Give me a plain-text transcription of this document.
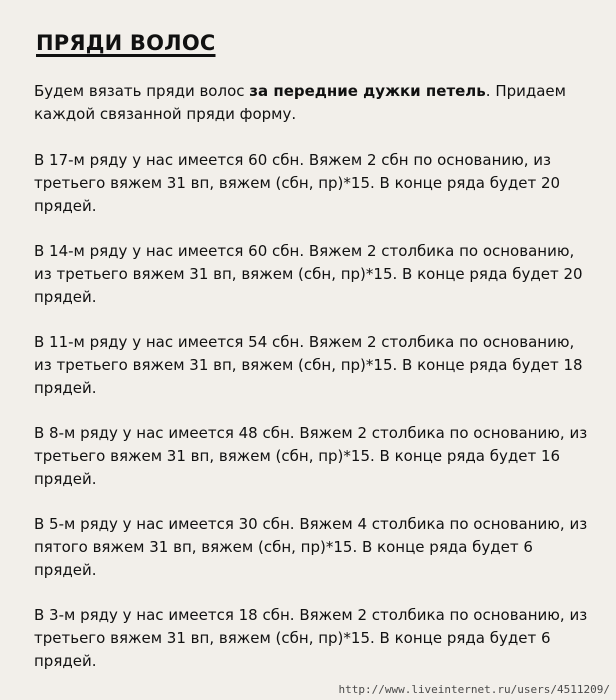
ПРЯДИ ВОЛОС
Будем вязать пряди волос за передние дужки петель. Придаем каждой связанной пряди форму.
В 17-м ряду у нас имеется 60 сбн. Вяжем 2 сбн по основанию, из третьего вяжем 31 вп, вяжем (сбн, пр)*15. В конце ряда будет 20 прядей.
В 14-м ряду у нас имеется 60 сбн. Вяжем 2 столбика по основанию, из третьего вяжем 31 вп, вяжем (сбн, пр)*15. В конце ряда будет 20 прядей.
В 11-м ряду у нас имеется 54 сбн. Вяжем 2 столбика по основанию, из третьего вяжем 31 вп, вяжем (сбн, пр)*15. В конце ряда будет 18 прядей.
В 8-м ряду у нас имеется 48 сбн. Вяжем 2 столбика по основанию, из третьего вяжем 31 вп, вяжем (сбн, пр)*15. В конце ряда будет 16 прядей.
В 5-м ряду у нас имеется 30 сбн. Вяжем 4 столбика по основанию, из пятого вяжем 31 вп, вяжем (сбн, пр)*15. В конце ряда будет 6 прядей.
В 3-м ряду у нас имеется 18 сбн. Вяжем 2 столбика по основанию, из третьего вяжем 31 вп, вяжем (сбн, пр)*15. В конце ряда будет 6 прядей.
http://www.liveinternet.ru/users/4511209/
